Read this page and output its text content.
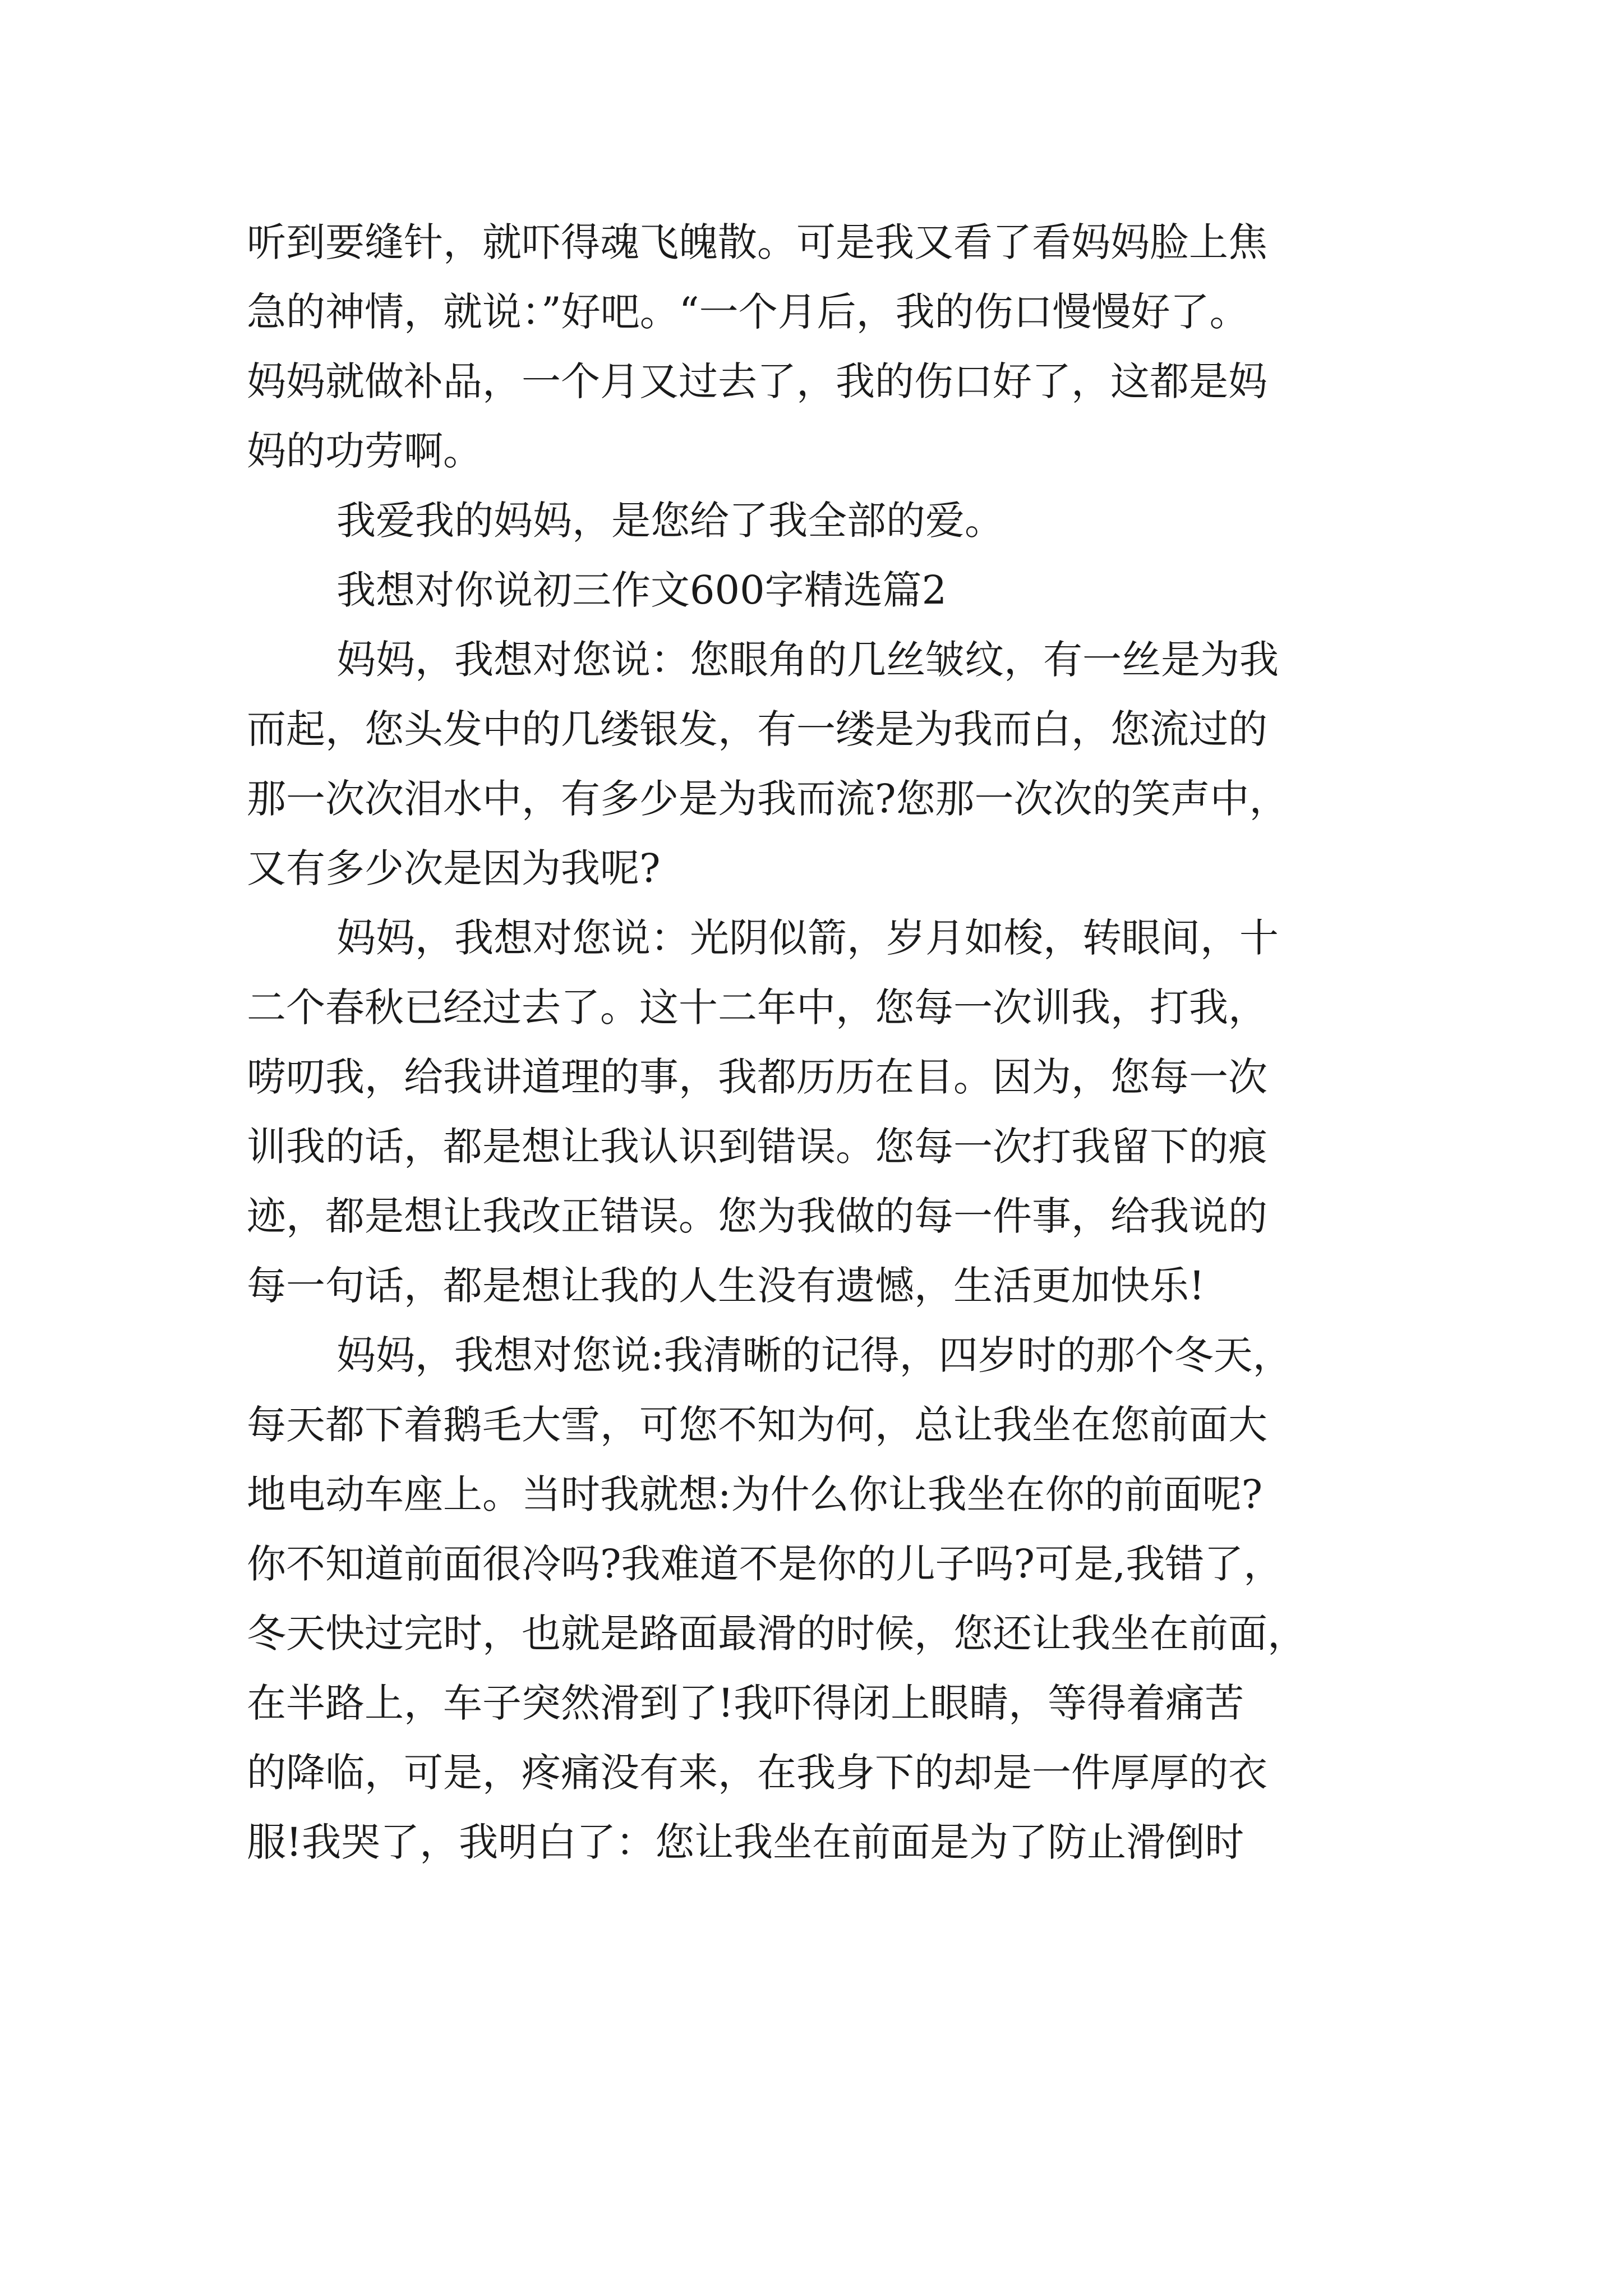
听到要缝针，就吓得魂飞魄散。可是我又看了看妈妈脸上焦
急的神情，就说：”好吧。“一个月后，我的伤口慢慢好了。
妈妈就做补品，一个月又过去了，我的伤口好了，这都是妈
妈的功劳啊。
我爱我的妈妈，是您给了我全部的爱。
我想对你说初三作文600字精选篇2
妈妈，我想对您说：您眼角的几丝皱纹，有一丝是为我
而起，您头发中的几缕银发，有一缕是为我而白，您流过的
那一次次泪水中，有多少是为我而流?您那一次次的笑声中，
又有多少次是因为我呢?
妈妈，我想对您说：光阴似箭，岁月如梭，转眼间，十
二个春秋已经过去了。这十二年中，您每一次训我，打我，
唠叨我，给我讲道理的事，我都历历在目。因为，您每一次
训我的话，都是想让我认识到错误。您每一次打我留下的痕
迹，都是想让我改正错误。您为我做的每一件事，给我说的
每一句话，都是想让我的人生没有遗憾，生活更加快乐!
妈妈，我想对您说:我清晰的记得，四岁时的那个冬天，
每天都下着鹅毛大雪，可您不知为何，总让我坐在您前面大
地电动车座上。当时我就想:为什么你让我坐在你的前面呢?
你不知道前面很冷吗?我难道不是你的儿子吗?可是,我错了，
冬天快过完时，也就是路面最滑的时候，您还让我坐在前面，
在半路上，车子突然滑到了!我吓得闭上眼睛，等得着痛苦
的降临，可是，疼痛没有来，在我身下的却是一件厚厚的衣
服!我哭了，我明白了：您让我坐在前面是为了防止滑倒时
